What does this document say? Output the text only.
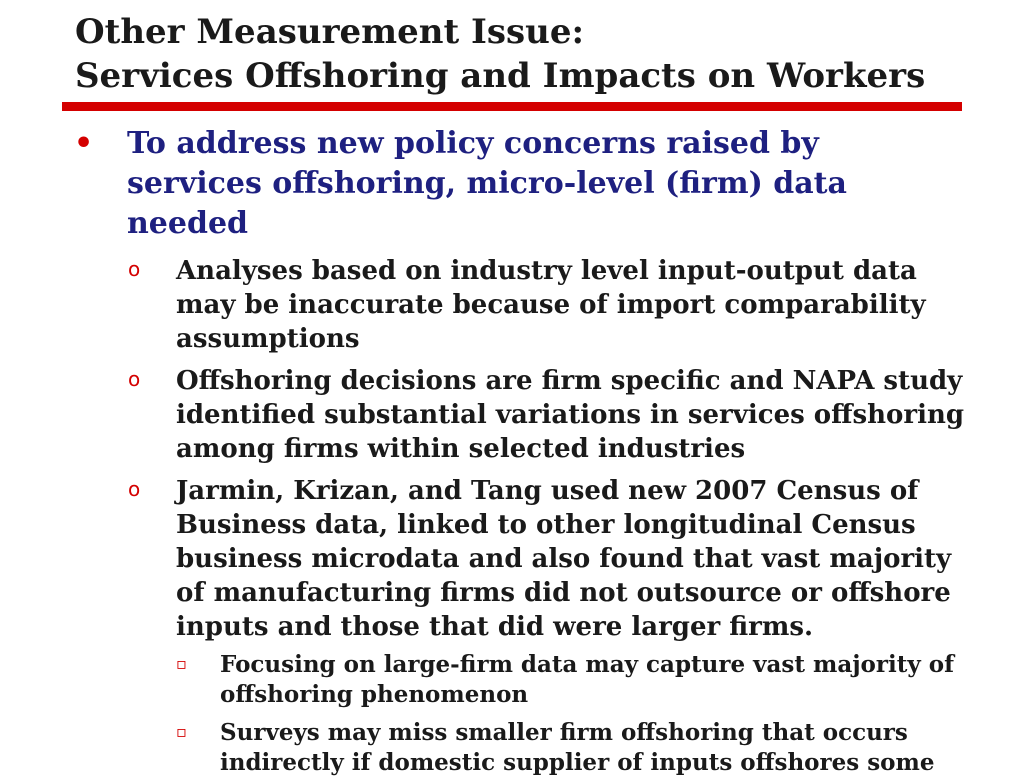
Other Measurement Issue:
Services Offshoring and Impacts on Workers
• To address new policy concerns raised by services offshoring, micro-level (firm) data needed
o Analyses based on industry level input-output data may be inaccurate because of import comparability assumptions
o Offshoring decisions are firm specific and NAPA study identified substantial variations in services offshoring among firms within selected industries
o Jarmin, Krizan, and Tang used new 2007 Census of Business data, linked to other longitudinal Census business microdata and also found that vast majority of manufacturing firms did not outsource or offshore inputs and those that did were larger firms.
▫ Focusing on large-firm data may capture vast majority of offshoring phenomenon
▫ Surveys may miss smaller firm offshoring that occurs indirectly if domestic supplier of inputs offshores some
